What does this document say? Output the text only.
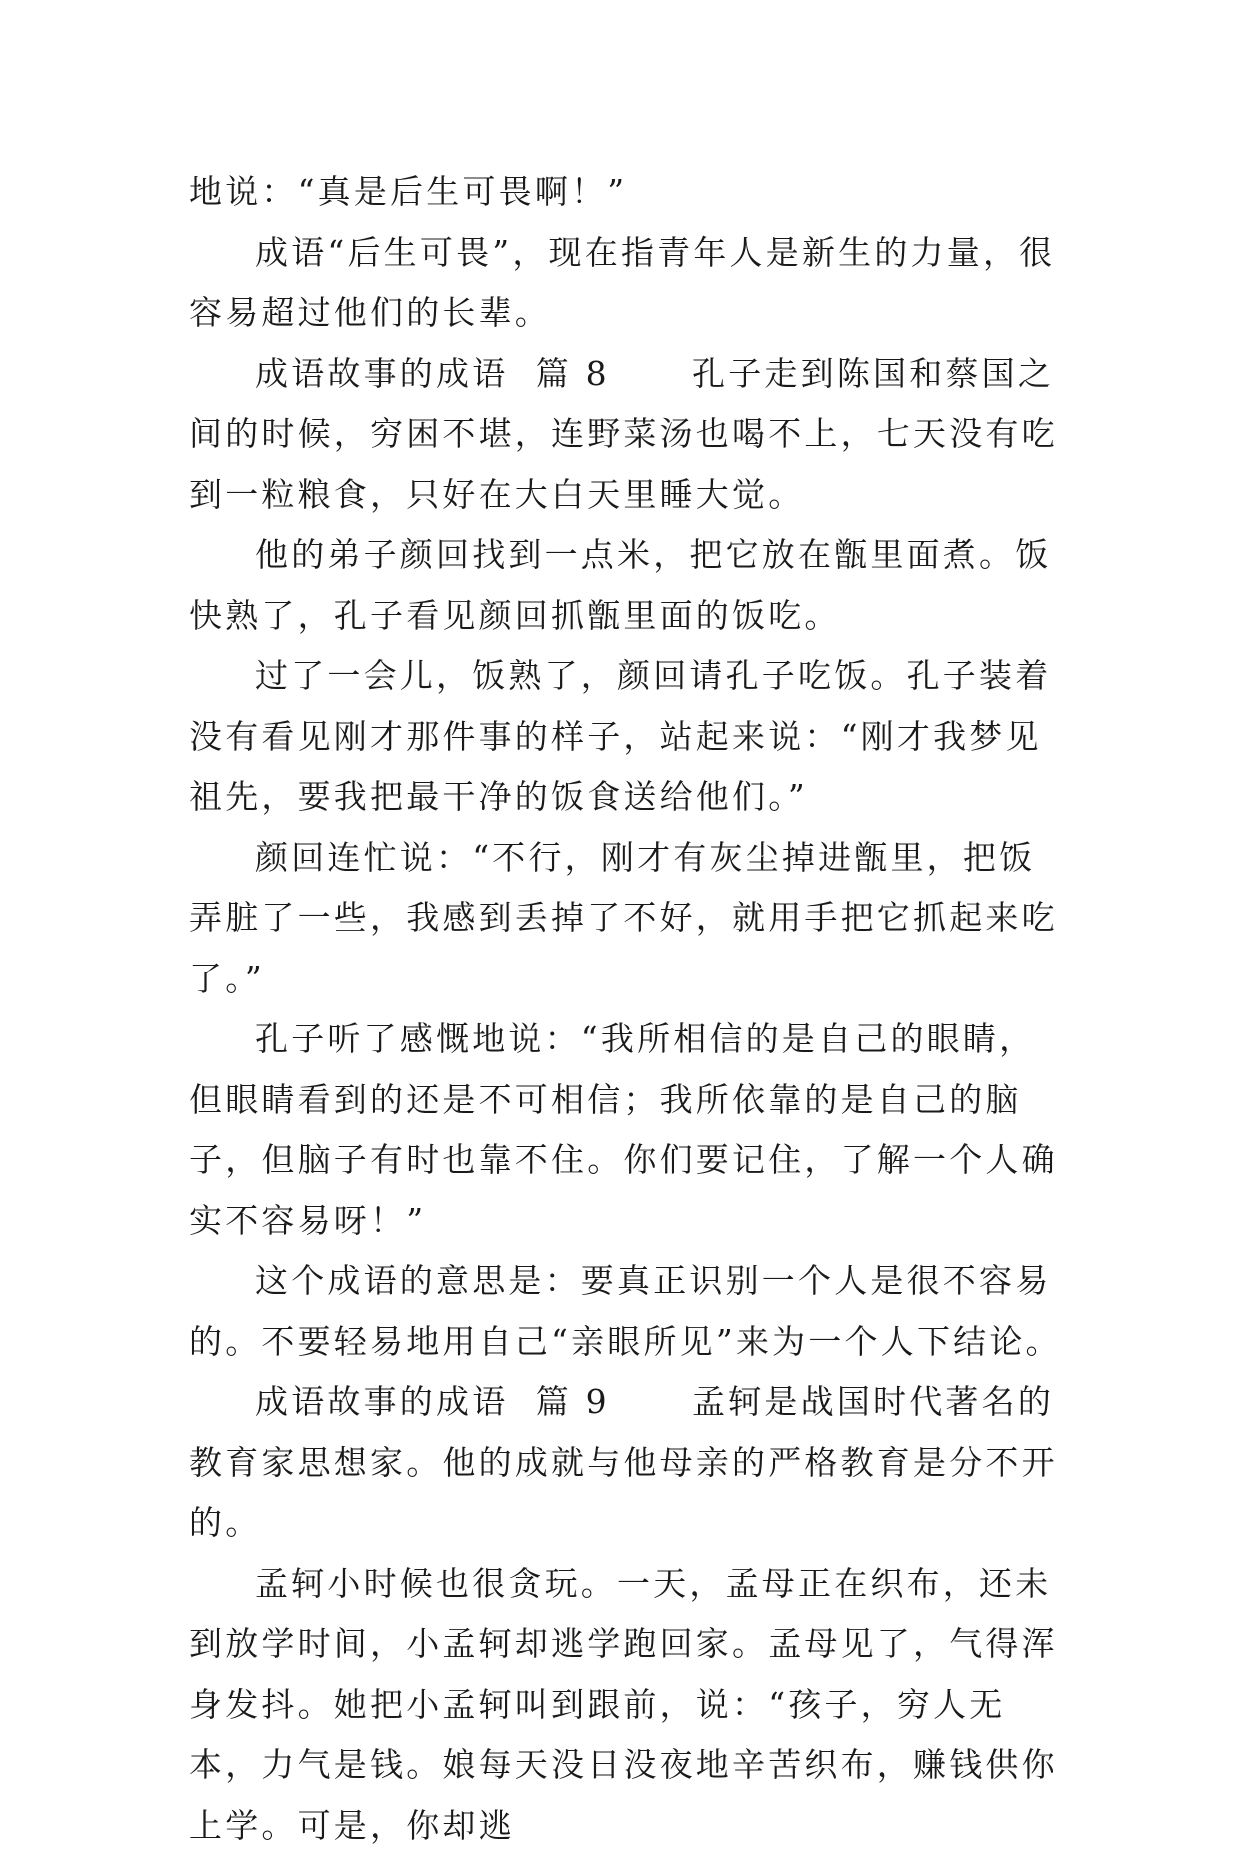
地说：“真是后生可畏啊！”

成语“后生可畏”，现在指青年人是新生的力量，很容易超过他们的长辈。

成语故事的成语  篇 8 孔子走到陈国和蔡国之间的时候，穷困不堪，连野菜汤也喝不上，七天没有吃到一粒粮食，只好在大白天里睡大觉。

他的弟子颜回找到一点米，把它放在甑里面煮。饭快熟了，孔子看见颜回抓甑里面的饭吃。

过了一会儿，饭熟了，颜回请孔子吃饭。孔子装着没有看见刚才那件事的样子，站起来说：“刚才我梦见祖先，要我把最干净的饭食送给他们。”

颜回连忙说：“不行，刚才有灰尘掉进甑里，把饭弄脏了一些，我感到丢掉了不好，就用手把它抓起来吃了。”

孔子听了感慨地说：“我所相信的是自己的眼睛，但眼睛看到的还是不可相信；我所依靠的是自己的脑子，但脑子有时也靠不住。你们要记住，了解一个人确实不容易呀！”

这个成语的意思是：要真正识别一个人是很不容易的。不要轻易地用自己“亲眼所见”来为一个人下结论。

成语故事的成语  篇 9 孟轲是战国时代著名的教育家思想家。他的成就与他母亲的严格教育是分不开的。

孟轲小时候也很贪玩。一天，孟母正在织布，还未到放学时间，小孟轲却逃学跑回家。孟母见了，气得浑身发抖。她把小孟轲叫到跟前，说：“孩子，穷人无本，力气是钱。娘每天没日没夜地辛苦织布，赚钱供你上学。可是，你却逃
